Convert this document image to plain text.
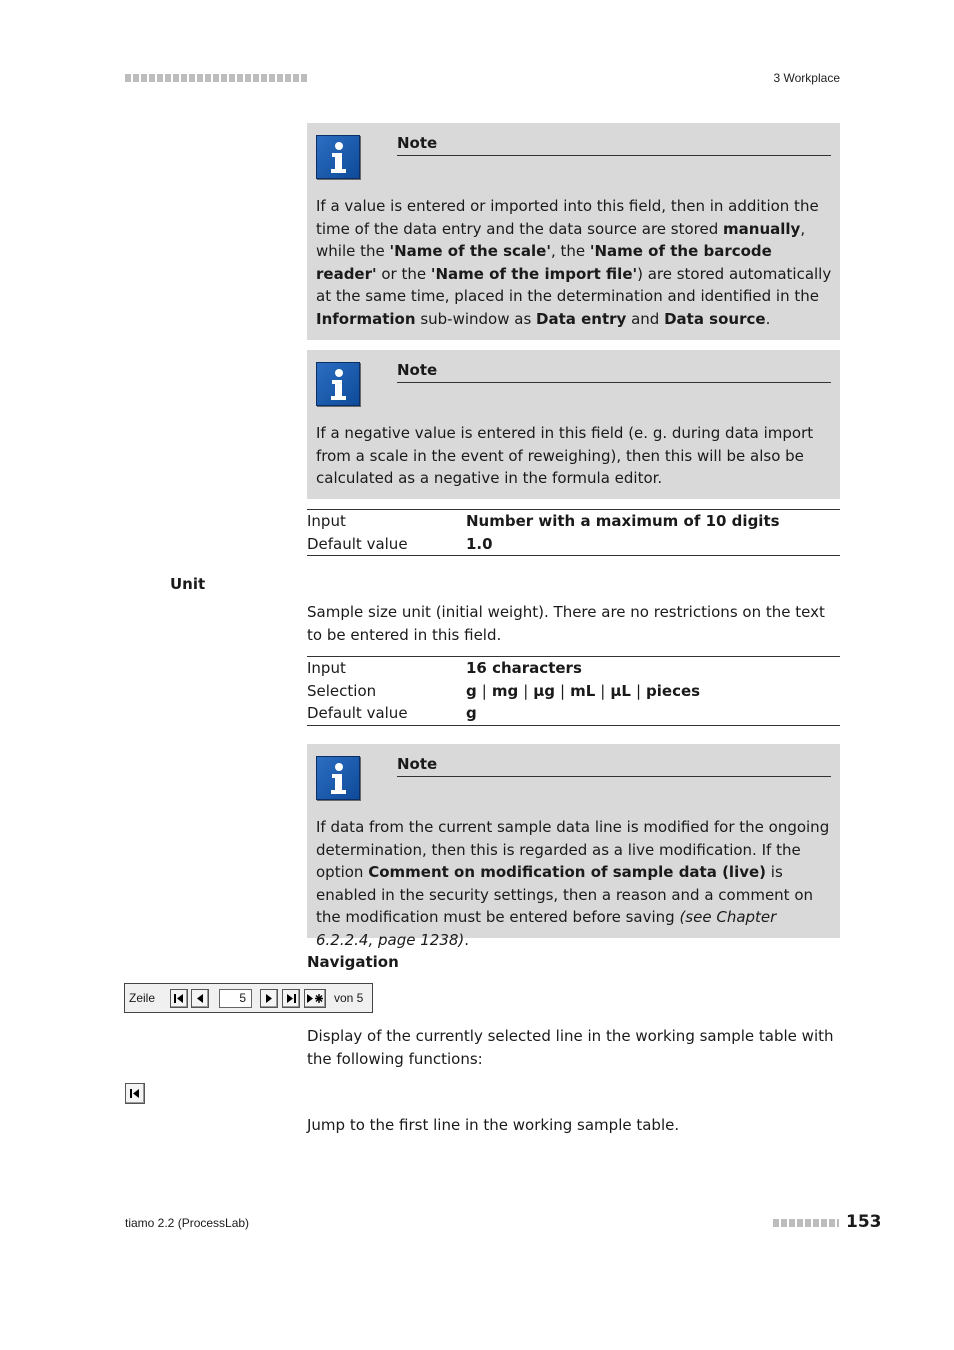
3 Workplace
Note
If a value is entered or imported into this field, then in addition the time of the data entry and the data source are stored manually, while the 'Name of the scale', the 'Name of the barcode reader' or the 'Name of the import file') are stored automatically at the same time, placed in the determination and identified in the Information sub-window as Data entry and Data source.
Note
If a negative value is entered in this field (e. g. during data import from a scale in the event of reweighing), then this will be also be calculated as a negative in the formula editor.
Input	Number with a maximum of 10 digits
Default value	1.0
Unit
Sample size unit (initial weight). There are no restrictions on the text to be entered in this field.
Input	16 characters
Selection	g | mg | µg | mL | µL | pieces
Default value	g
Note
If data from the current sample data line is modified for the ongoing determination, then this is regarded as a live modification. If the option Comment on modification of sample data (live) is enabled in the security settings, then a reason and a comment on the modification must be entered before saving (see Chapter 6.2.2.4, page 1238).
Navigation
Zeile	5	von 5
Display of the currently selected line in the working sample table with the following functions:
Jump to the first line in the working sample table.
tiamo 2.2 (ProcessLab)	153
